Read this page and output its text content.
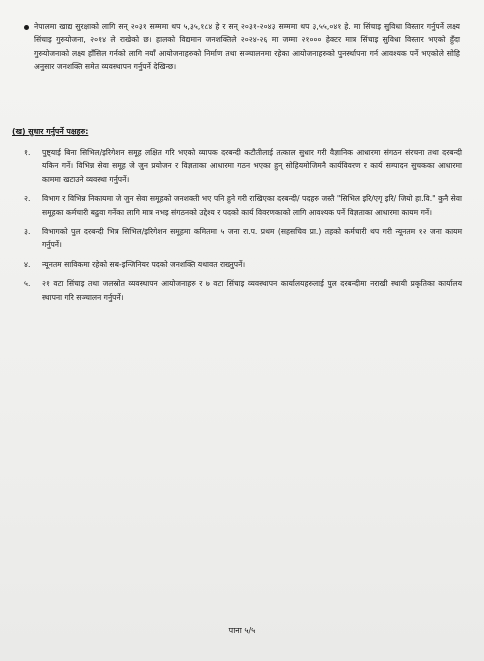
नेपालमा खाद्य सुरक्षाको लागि सन् २०३१ सम्ममा थप ५,३५,१८४ हे र सन् २०३१-२०४३ सम्ममा थप ३,५५,०४१ हे. मा सिंचाइ सुविधा विस्तार गर्नुपर्ने लक्ष्य सिंचाइ गुरुयोजना, २०१४ ले राखेको छ। हालको विद्यमान जनशक्तिले २०२४-२६ मा जम्मा २१००० हेक्टर मात्र सिंचाइ सुविधा विस्तार भएको हुँदा गुरुयोजनाको लक्ष्य हाँसिल गर्नको लागि नयाँ आयोजनाहरुको निर्माण तथा सञ्चालनमा रहेका आयोजनाहरुको पुनर्स्थापना गर्न आवश्यक पर्ने भएकोले सोहि अनुसार जनशक्ति समेत व्यवस्थापन गर्नुपर्ने देखिन्छ।

(ख) सुधार गर्नुपर्ने पक्षहरु:
१.	पुष्ट्याई बिना सिभिल/इरिगेशन समूह लक्षित गरि भएको व्यापक दरबन्दी कटौतीलाई तत्काल सुधार गरी वैज्ञानिक आधारमा संगठन संरचना तथा दरबन्दी यकिन गर्ने। विभिन्न सेवा समूह जे जुन प्रयोजन र विज्ञताका आधारमा गठन भएका हुन् सोहियमोजिमनै कार्यविवरण र कार्य सम्पादन सुचकका आधारमा काममा खटाउने व्यवस्था गर्नुपर्ने।
२.	विभाग र विभिन्न निकायमा जे जुन सेवा समूहको जनशक्ती भए पनि हुने गरी राखिएका दरबन्दी/ पदहरु जस्तै "सिभिल इरि/एगृ इरि/ जियो हा.वि." कुनै सेवा समूहका कर्मचारी बढुवा गर्नेका लागि मात्र नभइ संगठनको उद्देश्य र पदको कार्य विवरणकाको लागि आवश्यक पर्ने विज्ञताका आधारमा कायम गर्ने।
३.	विभागको पुल दरबन्दी भित्र सिभिल/इरिगेशन समूहमा कमितमा ५ जना रा.प. प्रथम (सहसचिव प्रा.) तहको कर्मचारी थप गरी न्यूनतम १२ जना कायम गर्नुपर्ने।
४.	न्यूनतम साविकमा रहेको सब-इन्जिनियर पदको जनशक्ति यथावत राख्नुपर्ने।
५.	२१ वटा सिंचाइ तथा जलस्रोत व्यवस्थापन आयोजनाहरु र ७ वटा सिंचाइ व्यवस्थापन कार्यालयहरुलाई पुल दरबन्दीमा नराखी स्थायी प्रकृतिका कार्यालय स्थापना गरि सञ्चालन गर्नुपर्ने।
पाना ५/५
